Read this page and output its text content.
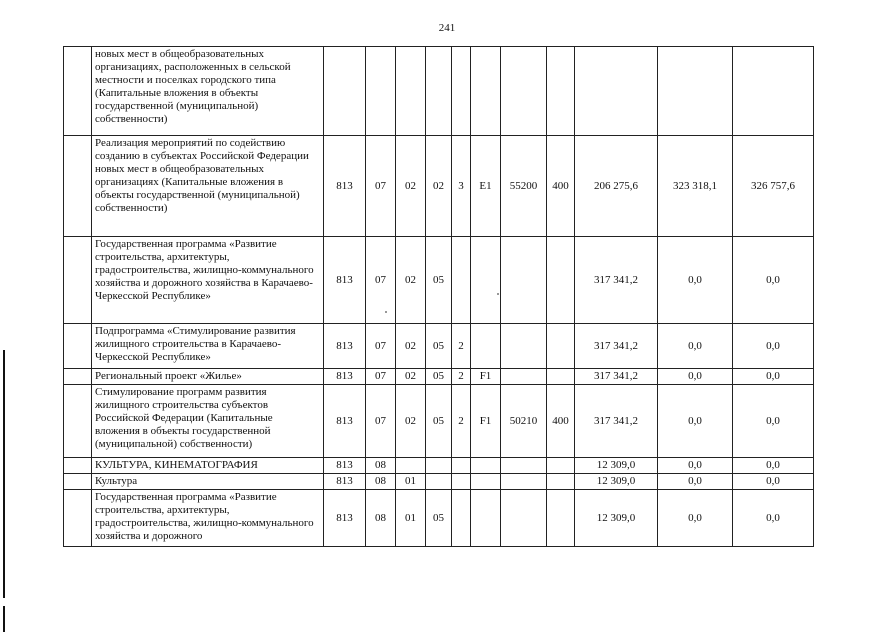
241
	новых мест в общеобразовательных организациях, расположенных в сельской местности и поселках городского типа (Капитальные вложения в объекты государственной (муниципальной) собственности)											
	Реализация мероприятий по содействию созданию в субъектах Российской Федерации новых мест в общеобразовательных организациях (Капитальные вложения в объекты государственной (муниципальной) собственности)	813	07	02	02	3	E1	55200	400	206 275,6	323 318,1	326 757,6
	Государственная программа «Развитие строительства, архитектуры, градостроительства, жилищно-коммунального хозяйства и дорожного хозяйства в Карачаево-Черкесской Республике»	813	07	02	05					317 341,2	0,0	0,0
	Подпрограмма «Стимулирование развития жилищного строительства в Карачаево-Черкесской Республике»	813	07	02	05	2				317 341,2	0,0	0,0
	Региональный проект «Жилье»	813	07	02	05	2	F1			317 341,2	0,0	0,0
	Стимулирование программ развития жилищного строительства субъектов Российской Федерации (Капитальные вложения в объекты государственной (муниципальной) собственности)	813	07	02	05	2	F1	50210	400	317 341,2	0,0	0,0
	КУЛЬТУРА, КИНЕМАТОГРАФИЯ	813	08							12 309,0	0,0	0,0
	Культура	813	08	01						12 309,0	0,0	0,0
	Государственная программа «Развитие строительства, архитектуры, градостроительства, жилищно-коммунального хозяйства и дорожного	813	08	01	05					12 309,0	0,0	0,0
